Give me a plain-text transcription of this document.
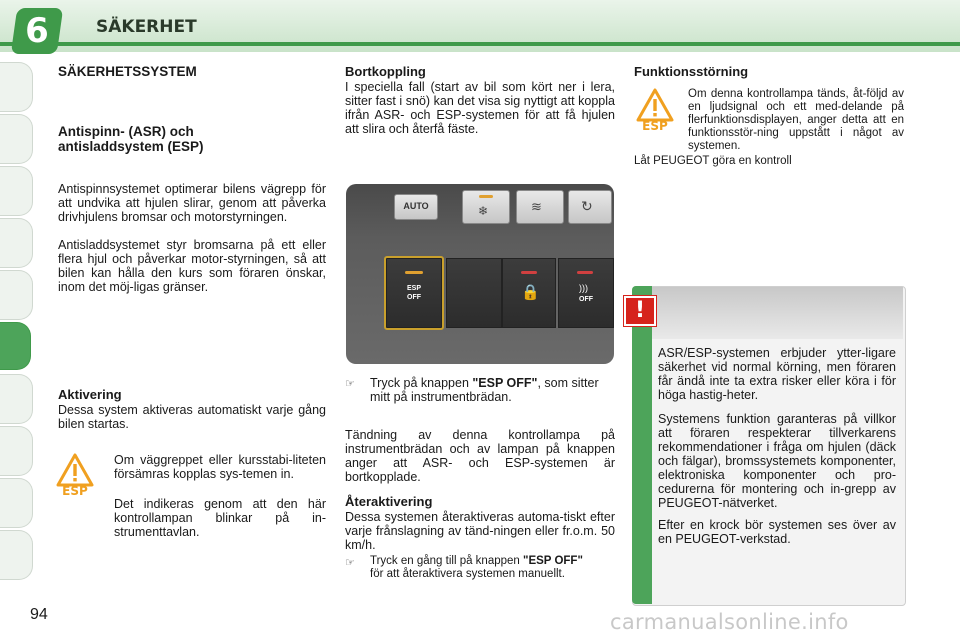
6	SÄKERHET
SÄKERHETSSYSTEM
Antispinn- (ASR) och antisladdsystem (ESP)

Antispinnsystemet optimerar bilens vägrepp för att undvika att hjulen slirar, genom att påverka drivhjulens bromsar och motorstyrningen.

Antisladdsystemet styr bromsarna på ett eller flera hjul och påverkar motor-styrningen, så att bilen kan hålla den kurs som föraren önskar, inom det möj-ligas gränser.

Aktivering

Dessa system aktiveras automatiskt varje gång bilen startas.

ESP

Om väggreppet eller kursstabi-liteten försämras kopplas sys-temen in.

Det indikeras genom att den här kontrollampan blinkar på in-strumenttavlan.

Bortkoppling

I speciella fall (start av bil som kört ner i lera, sitter fast i snö) kan det visa sig nyttigt att koppla ifrån ASR- och ESP-systemen för att få hjulen att slira och återfå fäste.

AUTO	❄	≋	↻
ESP
OFF	🔒	)))
OFF
☞ Tryck på knappen "ESP OFF", som sitter mitt på instrumentbrädan.

Tändning av denna kontrollampa på instrumentbrädan och av lampan på knappen anger att ASR- och ESP-systemen är bortkopplade.

Återaktivering

Dessa systemen återaktiveras automa-tiskt efter varje frånslagning av tänd-ningen eller fr.o.m. 50 km/h.

☞ Tryck en gång till på knappen "ESP OFF"
för att återaktivera systemen manuellt.

Funktionsstörning
ESP

Om denna kontrollampa tänds, åt-följd av en ljudsignal och ett med-delande på flerfunktionsdisplayen, anger detta att en funktionsstör-ning uppstått i något av systemen.

Låt PEUGEOT göra en kontroll

!

ASR/ESP-systemen erbjuder ytter-ligare säkerhet vid normal körning, men föraren får ändå inte ta extra risker eller köra i för höga hastig-heter.

Systemens funktion garanteras på villkor att föraren respekterar tillverkarens rekommendationer i fråga om hjulen (däck och fälgar), bromssystemets komponenter, elektroniska komponenter och pro-cedurerna för montering och in-grepp av PEUGEOT-nätverket.

Efter en krock bör systemen ses över av en PEUGEOT-verkstad.

94	carmanualsonline.info
